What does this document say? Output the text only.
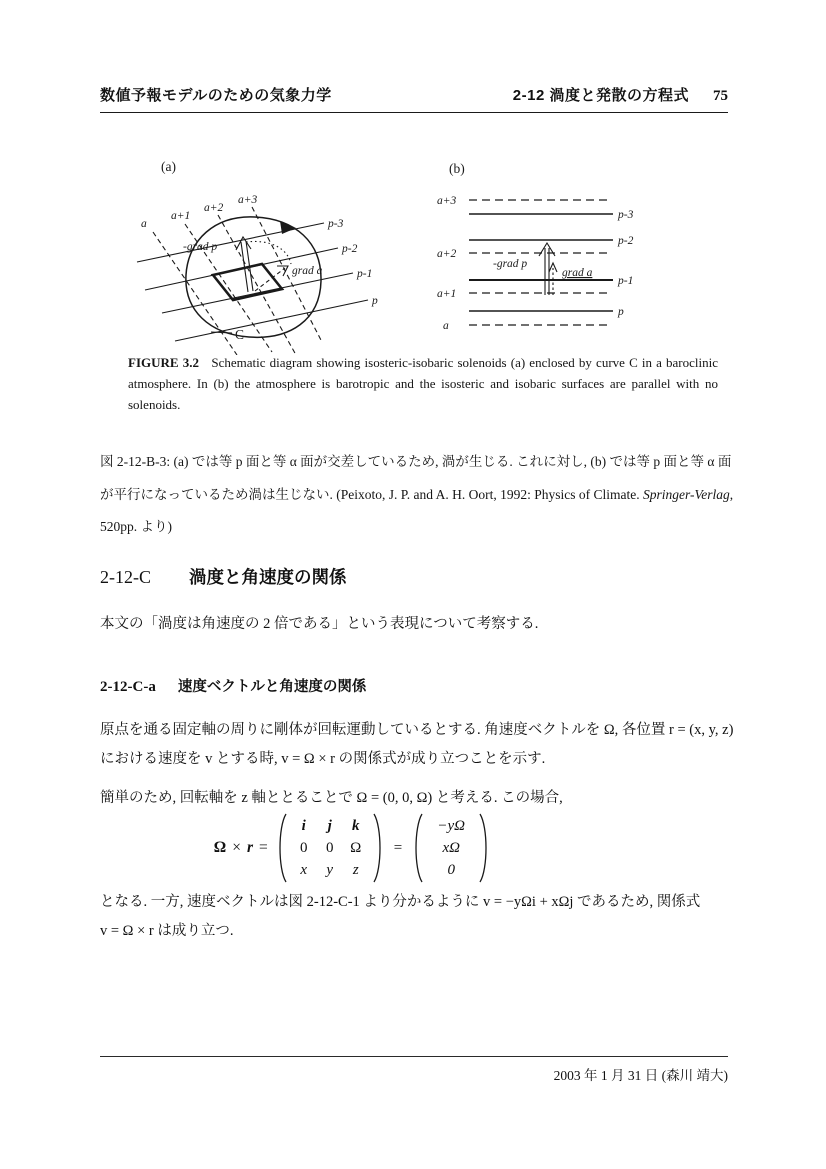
数値予報モデルのための気象力学	2-12 渦度と発散の方程式 75
(a)
p-3
p-2
p-1
p
a
a+1
a+2
a+3
C
-grad p
grad a
(b)
a+3
a+2
a+1
a
p-3
p-2
p-1
p
-grad p
grad a

FIGURE 3.2 Schematic diagram showing isosteric-isobaric solenoids (a) enclosed by curve C in a baroclinic atmosphere. In (b) the atmosphere is barotropic and the isosteric and isobaric surfaces are parallel with no solenoids.

図 2-12-B-3: (a) では等 p 面と等 α 面が交差しているため, 渦が生じる. これに対し, (b) では等 p 面と等 α 面が平行になっているため渦は生じない. (Peixoto, J. P. and A. H. Oort, 1992: Physics of Climate. Springer-Verlag, 520pp. より)

2-12-C 渦度と角速度の関係

本文の「渦度は角速度の 2 倍である」という表現について考察する.

2-12-C-a 速度ベクトルと角速度の関係
原点を通る固定軸の周りに剛体が回転運動しているとする. 角速度ベクトルを Ω, 各位置 r = (x, y, z)
における速度を v とする時, v = Ω × r の関係式が成り立つことを示す.

簡単のため, 回転軸を z 軸ととることで Ω = (0, 0, Ω) と考える. この場合,

Ω × r =
i	j	k
0	0	Ω
x	y	z
=
−yΩ
xΩ
0
となる. 一方, 速度ベクトルは図 2-12-C-1 より分かるように v = −yΩi + xΩj であるため, 関係式
v = Ω × r は成り立つ.
2003 年 1 月 31 日 (森川 靖大)
